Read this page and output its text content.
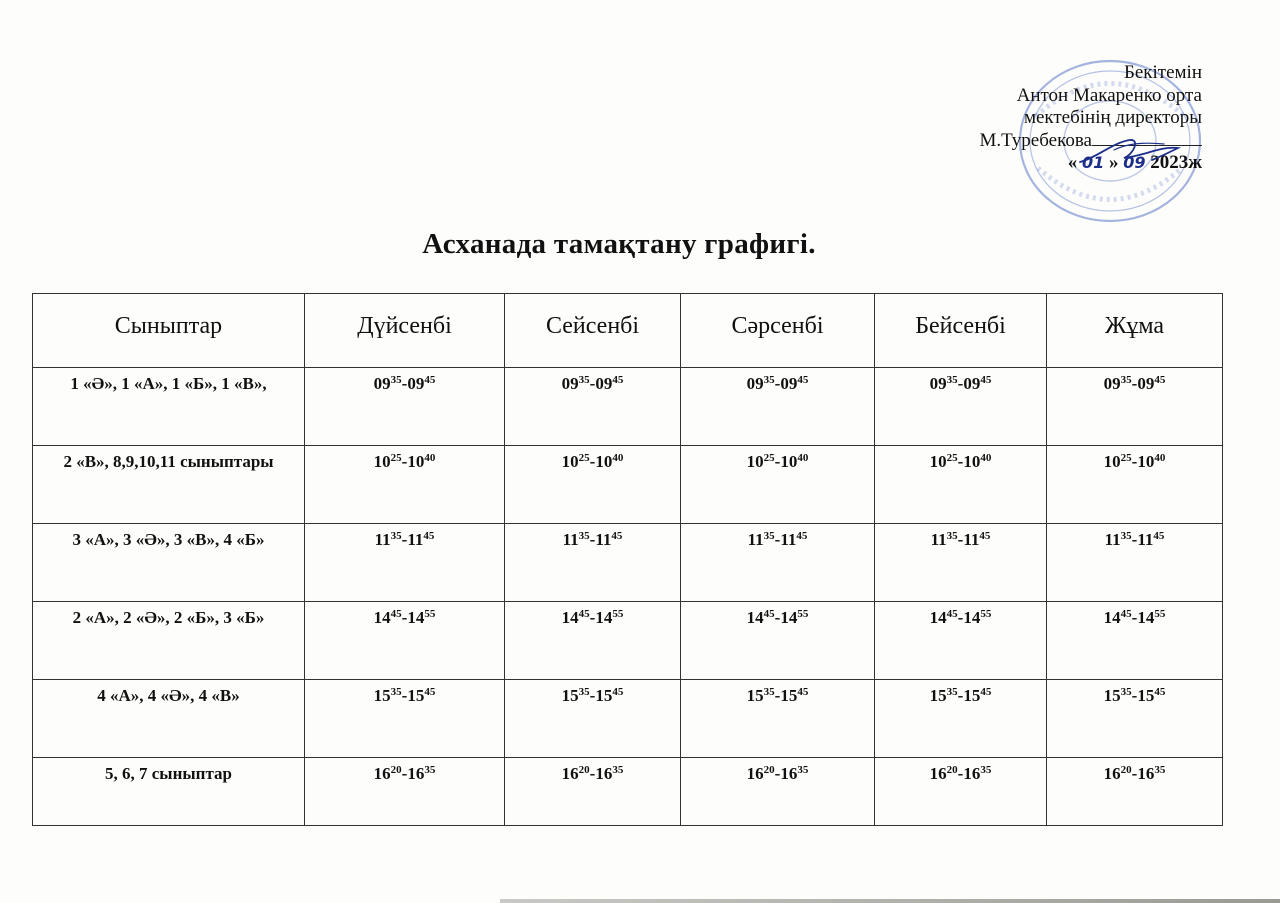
Бекітемін
Антон Макаренко орта
мектебінің директоры
М.Туребекова
« 01 » 09 2023ж
Асханада тамақтану графигі.
Сыныптар	Дүйсенбі	Сейсенбі	Сәрсенбі	Бейсенбі	Жұма
1 «Ә», 1 «А», 1 «Б», 1 «В»,	$09^{35}-09^{45}$	$09^{35}-09^{45}$	$09^{35}-09^{45}$	$09^{35}-09^{45}$	$09^{35}-09^{45}$
2 «В», 8,9,10,11 сыныптары	$10^{25}-10^{40}$	$10^{25}-10^{40}$	$10^{25}-10^{40}$	$10^{25}-10^{40}$	$10^{25}-10^{40}$
3 «А», 3 «Ә», 3 «В», 4 «Б»	$11^{35}-11^{45}$	$11^{35}-11^{45}$	$11^{35}-11^{45}$	$11^{35}-11^{45}$	$11^{35}-11^{45}$
2 «А», 2 «Ә», 2 «Б», 3 «Б»	$14^{45}-14^{55}$	$14^{45}-14^{55}$	$14^{45}-14^{55}$	$14^{45}-14^{55}$	$14^{45}-14^{55}$
4 «А», 4 «Ә», 4 «В»	$15^{35}-15^{45}$	$15^{35}-15^{45}$	$15^{35}-15^{45}$	$15^{35}-15^{45}$	$15^{35}-15^{45}$
5, 6, 7 сыныптар	$16^{20}-16^{35}$	$16^{20}-16^{35}$	$16^{20}-16^{35}$	$16^{20}-16^{35}$	$16^{20}-16^{35}$
